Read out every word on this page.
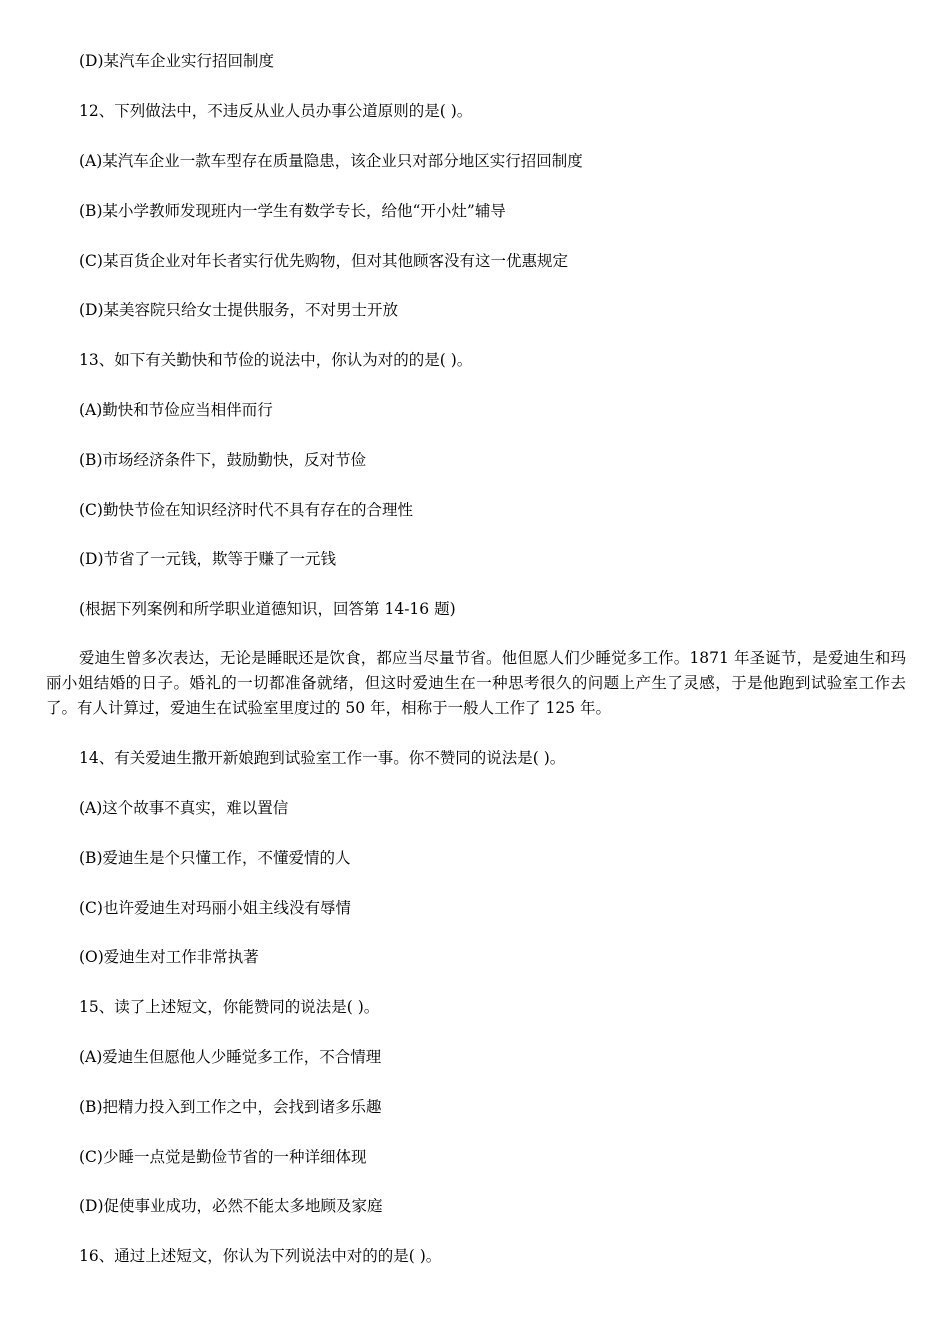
(D)某汽车企业实行招回制度
12、下列做法中，不违反从业人员办事公道原则的是( )。
(A)某汽车企业一款车型存在质量隐患，该企业只对部分地区实行招回制度
(B)某小学教师发现班内一学生有数学专长，给他“开小灶”辅导
(C)某百货企业对年长者实行优先购物，但对其他顾客没有这一优惠规定
(D)某美容院只给女士提供服务，不对男士开放
13、如下有关勤快和节俭的说法中，你认为对的的是( )。
(A)勤快和节俭应当相伴而行
(B)市场经济条件下，鼓励勤快，反对节俭
(C)勤快节俭在知识经济时代不具有存在的合理性
(D)节省了一元钱，欺等于赚了一元钱
(根据下列案例和所学职业道德知识，回答第 14-16 题)
爱迪生曾多次表达，无论是睡眠还是饮食，都应当尽量节省。他但愿人们少睡觉多工作。1871 年圣诞节，是爱迪生和玛丽小姐结婚的日子。婚礼的一切都准备就绪，但这时爱迪生在一种思考很久的问题上产生了灵感，于是他跑到试验室工作去了。有人计算过，爱迪生在试验室里度过的 50 年，相称于一般人工作了 125 年。
14、有关爱迪生撒开新娘跑到试验室工作一事。你不赞同的说法是( )。
(A)这个故事不真实，难以置信
(B)爱迪生是个只懂工作，不懂爱情的人
(C)也许爱迪生对玛丽小姐主线没有辱情
(O)爱迪生对工作非常执著
15、读了上述短文，你能赞同的说法是( )。
(A)爱迪生但愿他人少睡觉多工作，不合情理
(B)把精力投入到工作之中，会找到诸多乐趣
(C)少睡一点觉是勤俭节省的一种详细体现
(D)促使事业成功，必然不能太多地顾及家庭
16、通过上述短文，你认为下列说法中对的的是( )。
